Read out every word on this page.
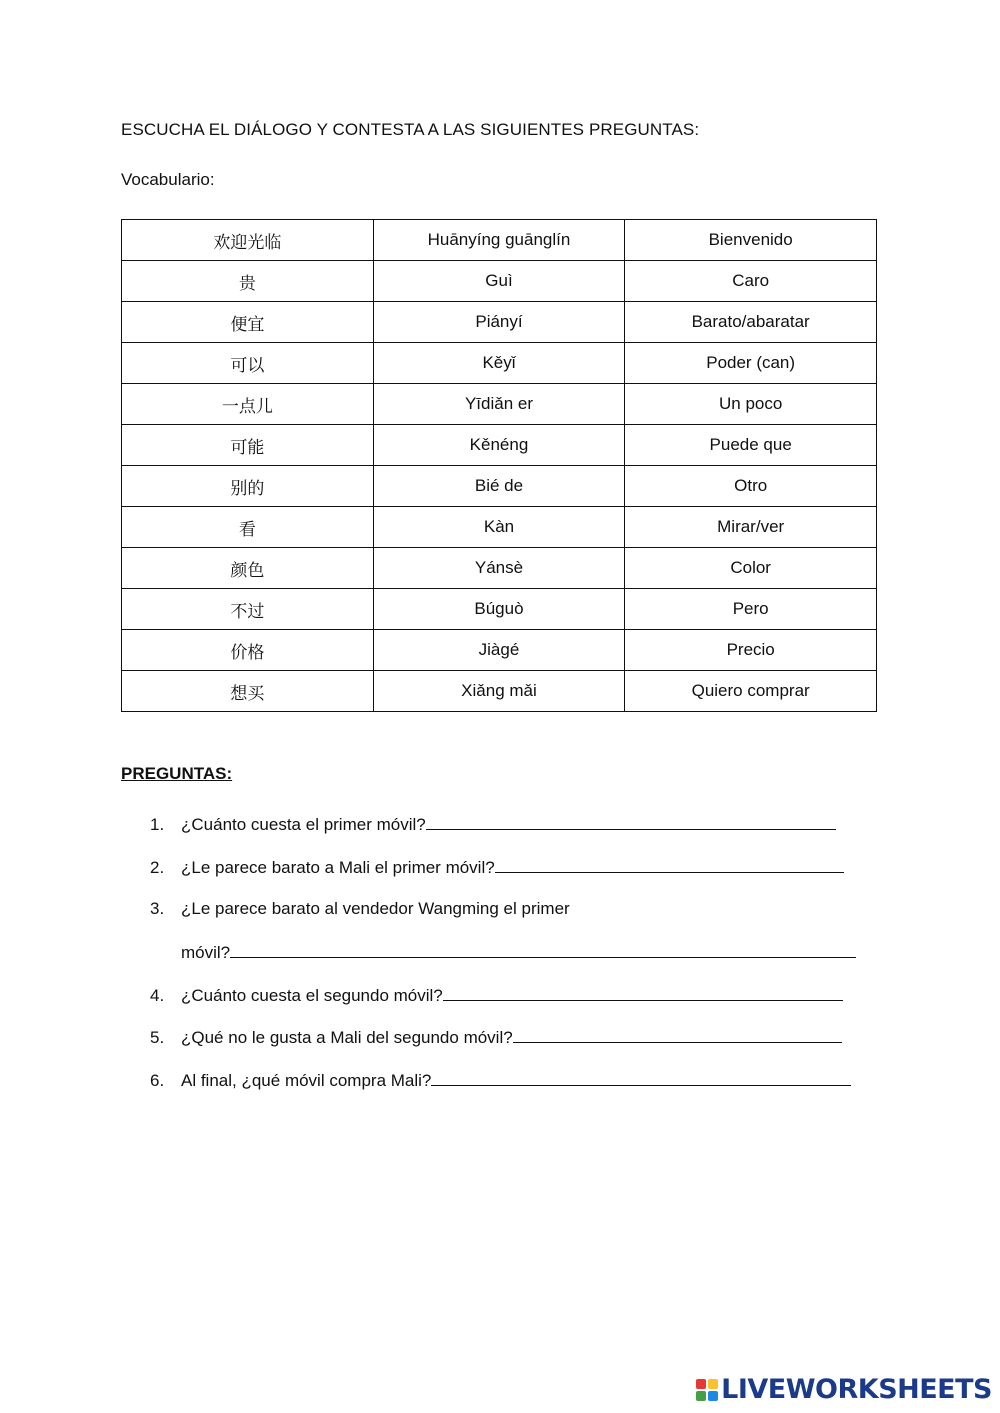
ESCUCHA EL DIÁLOGO Y CONTESTA A LAS SIGUIENTES PREGUNTAS:
Vocabulario:
欢迎光临	Huānyíng guānglín	Bienvenido
贵	Guì	Caro
便宜	Piányí	Barato/abaratar
可以	Kěyǐ	Poder (can)
一点儿	Yīdiǎn er	Un poco
可能	Kěnéng	Puede que
别的	Bié de	Otro
看	Kàn	Mirar/ver
颜色	Yánsè	Color
不过	Búguò	Pero
价格	Jiàgé	Precio
想买	Xiǎng mǎi	Quiero comprar
PREGUNTAS:
1. ¿Cuánto cuesta el primer móvil?
2. ¿Le parece barato a Mali el primer móvil?
3. ¿Le parece barato al vendedor Wangming el primer
móvil?
4. ¿Cuánto cuesta el segundo móvil?
5. ¿Qué no le gusta a Mali del segundo móvil?
6. Al final, ¿qué móvil compra Mali?
LIVEWORKSHEETS
